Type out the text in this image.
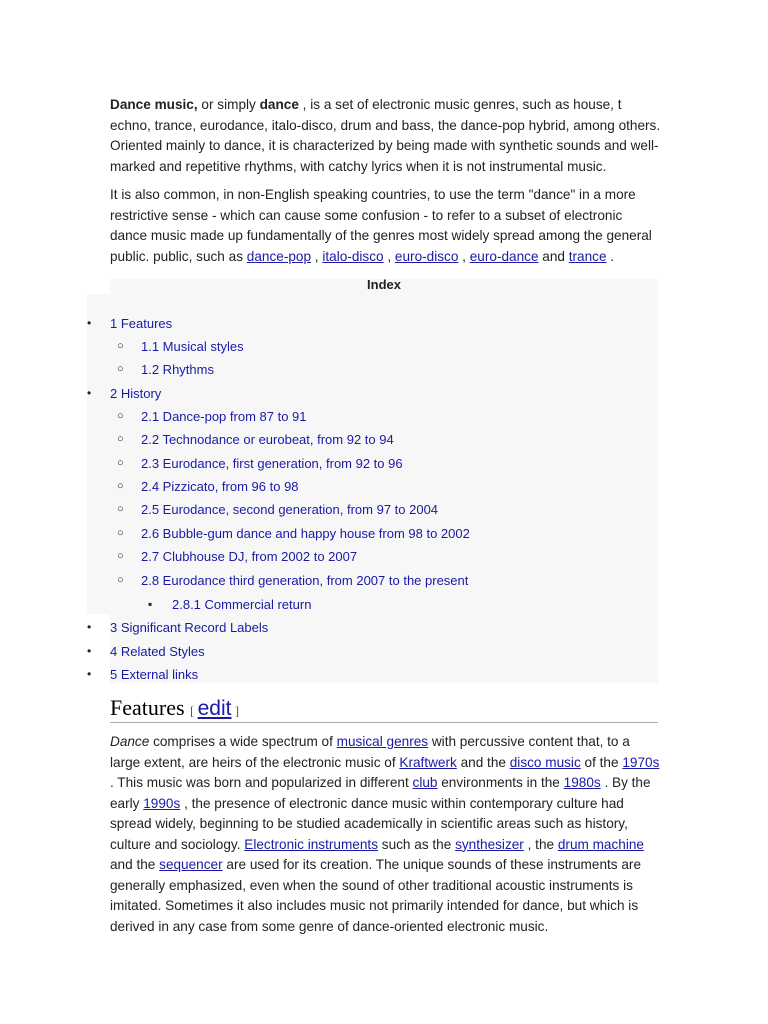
Dance music, or simply dance , is a set of electronic music genres, such as house, t echno, trance, eurodance, italo-disco, drum and bass, the dance-pop hybrid, among others. Oriented mainly to dance, it is characterized by being made with synthetic sounds and well-marked and repetitive rhythms, with catchy lyrics when it is not instrumental music.

It is also common, in non-English speaking countries, to use the term "dance" in a more restrictive sense - which can cause some confusion - to refer to a subset of electronic dance music made up fundamentally of the genres most widely spread among the general public. public, such as dance-pop , italo-disco , euro-disco , euro-dance and trance .

Index
• 1 Features
○ 1.1 Musical styles
○ 1.2 Rhythms
• 2 History
○ 2.1 Dance-pop from 87 to 91
○ 2.2 Technodance or eurobeat, from 92 to 94
○ 2.3 Eurodance, first generation, from 92 to 96
○ 2.4 Pizzicato, from 96 to 98
○ 2.5 Eurodance, second generation, from 97 to 2004
○ 2.6 Bubble-gum dance and happy house from 98 to 2002
○ 2.7 Clubhouse DJ, from 2002 to 2007
○ 2.8 Eurodance third generation, from 2007 to the present
▪ 2.8.1 Commercial return
• 3 Significant Record Labels
• 4 Related Styles
• 5 External links
Features [ edit ]

Dance comprises a wide spectrum of musical genres with percussive content that, to a large extent, are heirs of the electronic music of Kraftwerk and the disco music of the 1970s . This music was born and popularized in different club environments in the 1980s . By the early 1990s , the presence of electronic dance music within contemporary culture had spread widely, beginning to be studied academically in scientific areas such as history, culture and sociology. Electronic instruments such as the synthesizer , the drum machine and the sequencer are used for its creation. The unique sounds of these instruments are generally emphasized, even when the sound of other traditional acoustic instruments is imitated. Sometimes it also includes music not primarily intended for dance, but which is derived in any case from some genre of dance-oriented electronic music.
